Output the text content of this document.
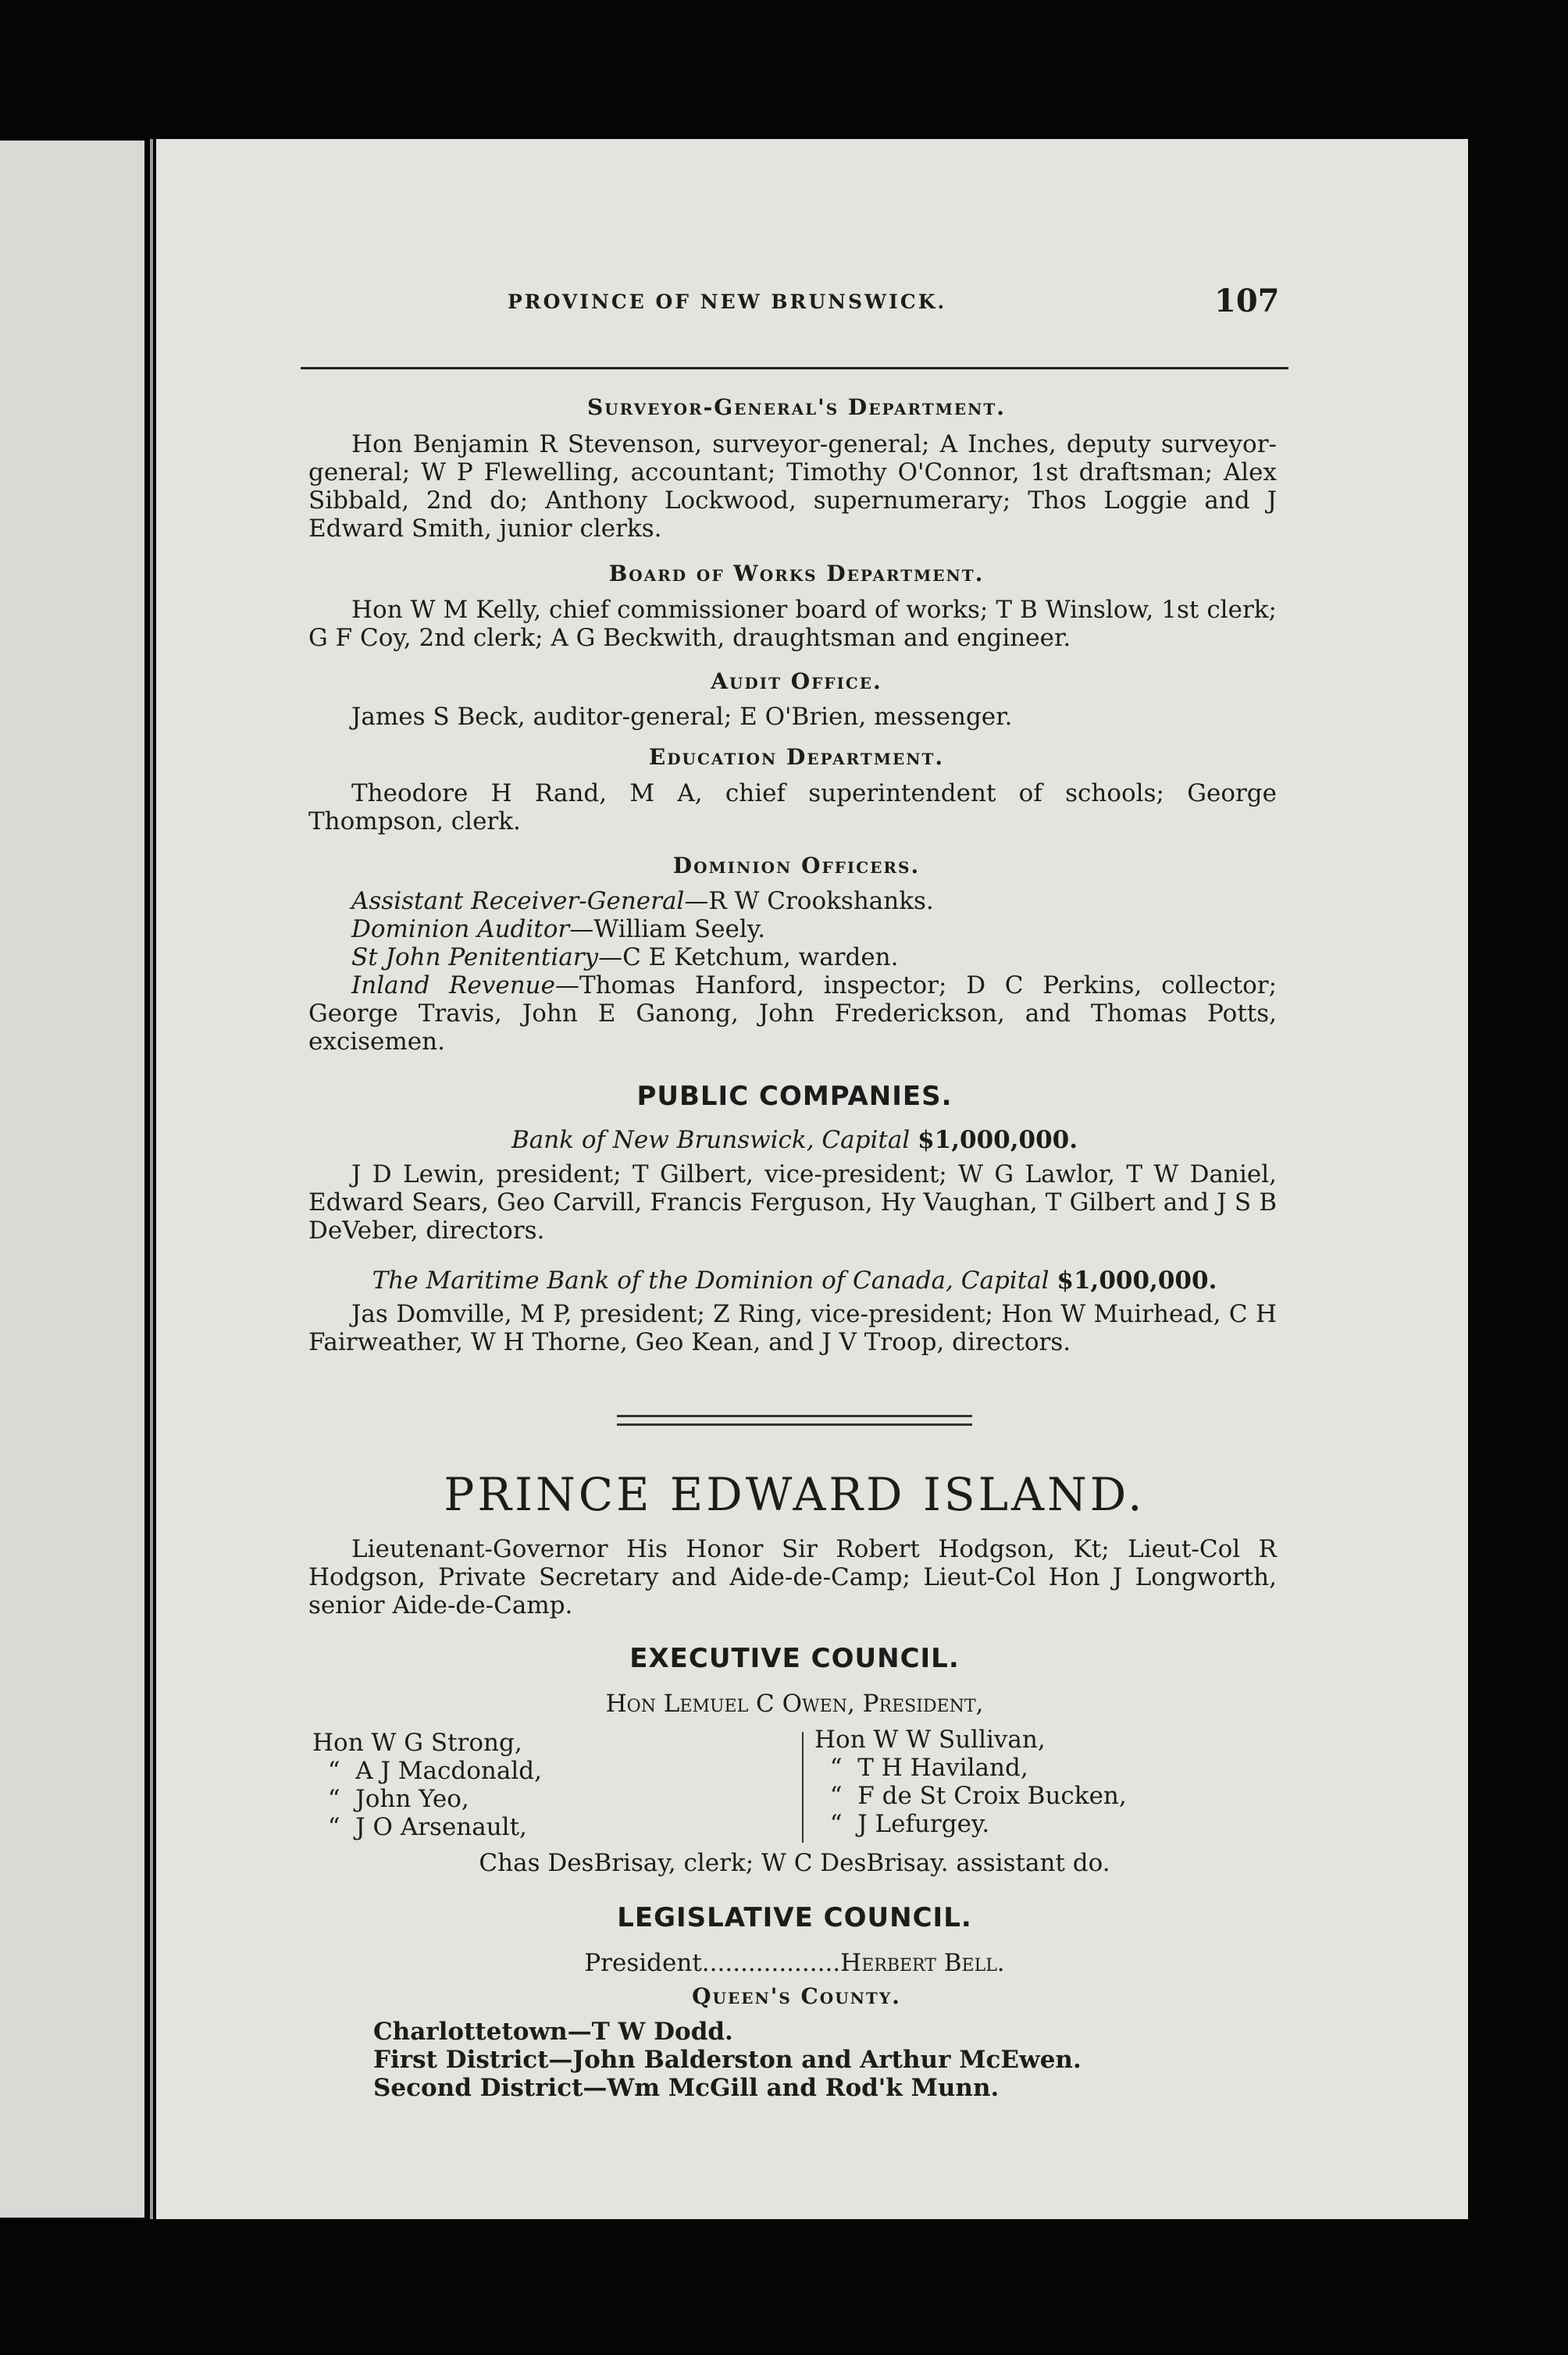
PROVINCE OF NEW BRUNSWICK.	107
Surveyor-General's Department.
Hon Benjamin R Stevenson, surveyor-general; A Inches, deputy surveyor-general; W P Flewelling, accountant; Timothy O'Connor, 1st draftsman; Alex Sibbald, 2nd do; Anthony Lockwood, supernumerary; Thos Loggie and J Edward Smith, junior clerks.
Board of Works Department.
Hon W M Kelly, chief commissioner board of works; T B Winslow, 1st clerk; G F Coy, 2nd clerk; A G Beckwith, draughtsman and engineer.
Audit Office.
James S Beck, auditor-general; E O'Brien, messenger.
Education Department.
Theodore H Rand, M A, chief superintendent of schools; George Thompson, clerk.
Dominion Officers.
Assistant Receiver-General—R W Crookshanks.
Dominion Auditor—William Seely.
St John Penitentiary—C E Ketchum, warden.
Inland Revenue—Thomas Hanford, inspector; D C Perkins, collector; George Travis, John E Ganong, John Frederickson, and Thomas Potts, excisemen.
PUBLIC COMPANIES.
Bank of New Brunswick, Capital $1,000,000.
J D Lewin, president; T Gilbert, vice-president; W G Lawlor, T W Daniel, Edward Sears, Geo Carvill, Francis Ferguson, Hy Vaughan, T Gilbert and J S B DeVeber, directors.
The Maritime Bank of the Dominion of Canada, Capital $1,000,000.
Jas Domville, M P, president; Z Ring, vice-president; Hon W Muirhead, C H Fairweather, W H Thorne, Geo Kean, and J V Troop, directors.
PRINCE EDWARD ISLAND.
Lieutenant-Governor His Honor Sir Robert Hodgson, Kt; Lieut-Col R Hodgson, Private Secretary and Aide-de-Camp; Lieut-Col Hon J Longworth, senior Aide-de-Camp.
EXECUTIVE COUNCIL.
Hon Lemuel C Owen, President,
Hon W G Strong,
“  A J Macdonald,
“  John Yeo,
“  J O Arsenault,
Hon W W Sullivan,
“  T H Haviland,
“  F de St Croix Bucken,
“  J Lefurgey.
Chas DesBrisay, clerk; W C DesBrisay. assistant do.
LEGISLATIVE COUNCIL.
President..................Herbert Bell.
Queen's County.
Charlottetown—T W Dodd.
First District—John Balderston and Arthur McEwen.
Second District—Wm McGill and Rod'k Munn.
